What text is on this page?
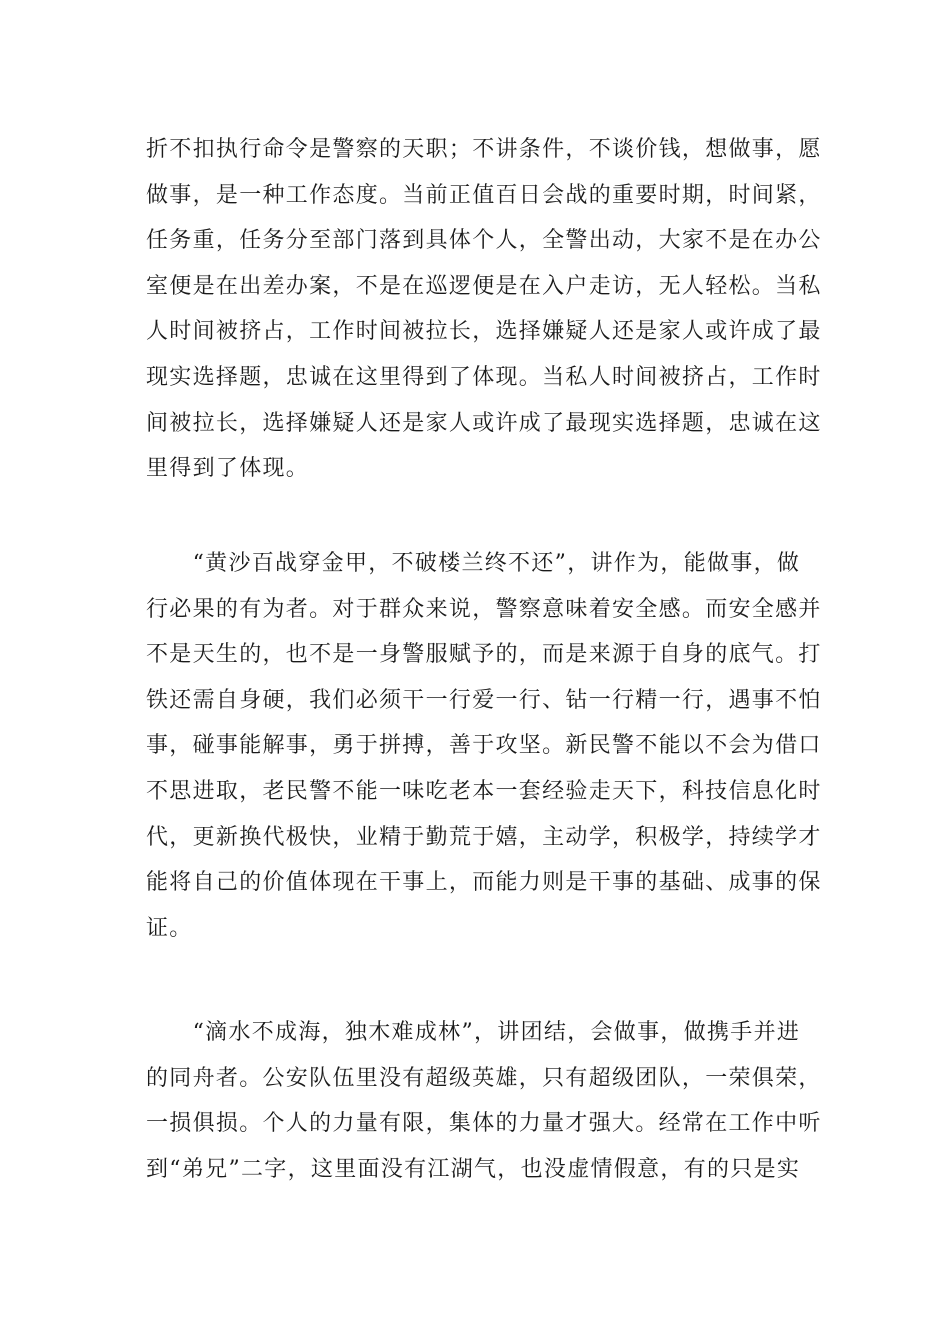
折不扣执行命令是警察的天职；不讲条件，不谈价钱，想做事，愿
做事，是一种工作态度。当前正值百日会战的重要时期，时间紧，
任务重，任务分至部门落到具体个人，全警出动，大家不是在办公
室便是在出差办案，不是在巡逻便是在入户走访，无人轻松。当私
人时间被挤占，工作时间被拉长，选择嫌疑人还是家人或许成了最
现实选择题，忠诚在这里得到了体现。当私人时间被挤占，工作时
间被拉长，选择嫌疑人还是家人或许成了最现实选择题，忠诚在这
里得到了体现。
　　“黄沙百战穿金甲，不破楼兰终不还”，讲作为，能做事，做
行必果的有为者。对于群众来说，警察意味着安全感。而安全感并
不是天生的，也不是一身警服赋予的，而是来源于自身的底气。打
铁还需自身硬，我们必须干一行爱一行、钻一行精一行，遇事不怕
事，碰事能解事，勇于拼搏，善于攻坚。新民警不能以不会为借口
不思进取，老民警不能一味吃老本一套经验走天下，科技信息化时
代，更新换代极快，业精于勤荒于嬉，主动学，积极学，持续学才
能将自己的价值体现在干事上，而能力则是干事的基础、成事的保
证。
　　“滴水不成海，独木难成林”，讲团结，会做事，做携手并进
的同舟者。公安队伍里没有超级英雄，只有超级团队，一荣俱荣，
一损俱损。个人的力量有限，集体的力量才强大。经常在工作中听
到“弟兄”二字，这里面没有江湖气，也没虚情假意，有的只是实
